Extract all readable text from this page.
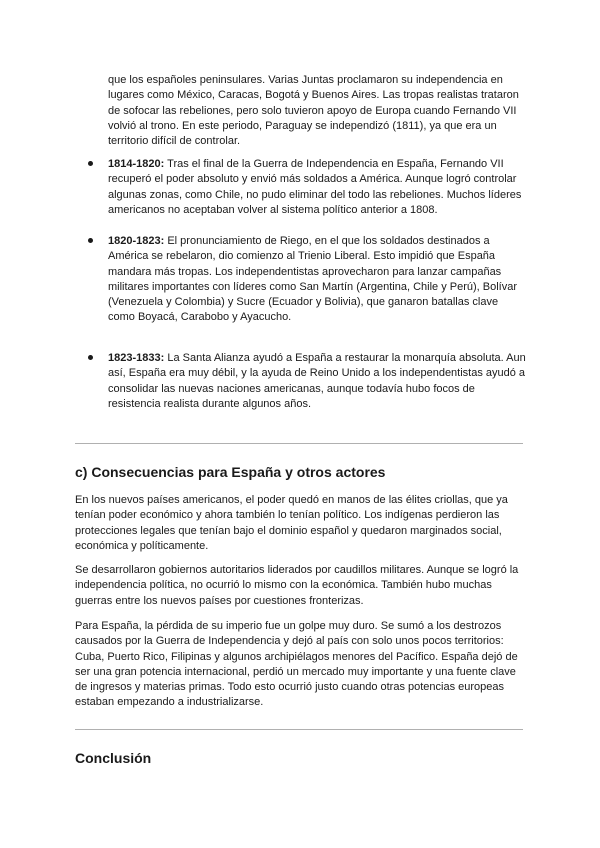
que los españoles peninsulares. Varias Juntas proclamaron su independencia en lugares como México, Caracas, Bogotá y Buenos Aires. Las tropas realistas trataron de sofocar las rebeliones, pero solo tuvieron apoyo de Europa cuando Fernando VII volvió al trono. En este periodo, Paraguay se independizó (1811), ya que era un territorio difícil de controlar.

1814-1820: Tras el final de la Guerra de Independencia en España, Fernando VII recuperó el poder absoluto y envió más soldados a América. Aunque logró controlar algunas zonas, como Chile, no pudo eliminar del todo las rebeliones. Muchos líderes americanos no aceptaban volver al sistema político anterior a 1808.

1820-1823: El pronunciamiento de Riego, en el que los soldados destinados a América se rebelaron, dio comienzo al Trienio Liberal. Esto impidió que España mandara más tropas. Los independentistas aprovecharon para lanzar campañas militares importantes con líderes como San Martín (Argentina, Chile y Perú), Bolívar (Venezuela y Colombia) y Sucre (Ecuador y Bolivia), que ganaron batallas clave como Boyacá, Carabobo y Ayacucho.

1823-1833: La Santa Alianza ayudó a España a restaurar la monarquía absoluta. Aun así, España era muy débil, y la ayuda de Reino Unido a los independentistas ayudó a consolidar las nuevas naciones americanas, aunque todavía hubo focos de resistencia realista durante algunos años.

c) Consecuencias para España y otros actores

En los nuevos países americanos, el poder quedó en manos de las élites criollas, que ya tenían poder económico y ahora también lo tenían político. Los indígenas perdieron las protecciones legales que tenían bajo el dominio español y quedaron marginados social, económica y políticamente.

Se desarrollaron gobiernos autoritarios liderados por caudillos militares. Aunque se logró la independencia política, no ocurrió lo mismo con la económica. También hubo muchas guerras entre los nuevos países por cuestiones fronterizas.

Para España, la pérdida de su imperio fue un golpe muy duro. Se sumó a los destrozos causados por la Guerra de Independencia y dejó al país con solo unos pocos territorios: Cuba, Puerto Rico, Filipinas y algunos archipiélagos menores del Pacífico. España dejó de ser una gran potencia internacional, perdió un mercado muy importante y una fuente clave de ingresos y materias primas. Todo esto ocurrió justo cuando otras potencias europeas estaban empezando a industrializarse.

Conclusión
